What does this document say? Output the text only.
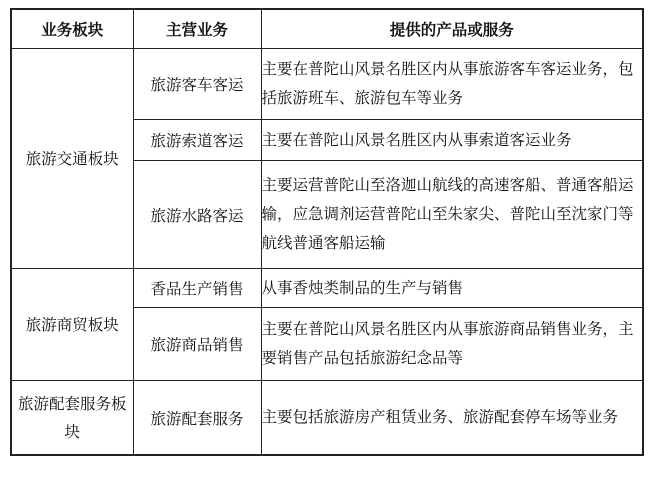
业务板块	主营业务	提供的产品或服务
旅游交通板块	旅游客车客运	主要在普陀山风景名胜区内从事旅游客车客运业务，包括旅游班车、旅游包车等业务
	旅游索道客运	主要在普陀山风景名胜区内从事索道客运业务
	旅游水路客运	主要运营普陀山至洛迦山航线的高速客船、普通客船运输，应急调剂运营普陀山至朱家尖、普陀山至沈家门等航线普通客船运输
旅游商贸板块	香品生产销售	从事香烛类制品的生产与销售
	旅游商品销售	主要在普陀山风景名胜区内从事旅游商品销售业务，主要销售产品包括旅游纪念品等
旅游配套服务板块	旅游配套服务	主要包括旅游房产租赁业务、旅游配套停车场等业务
